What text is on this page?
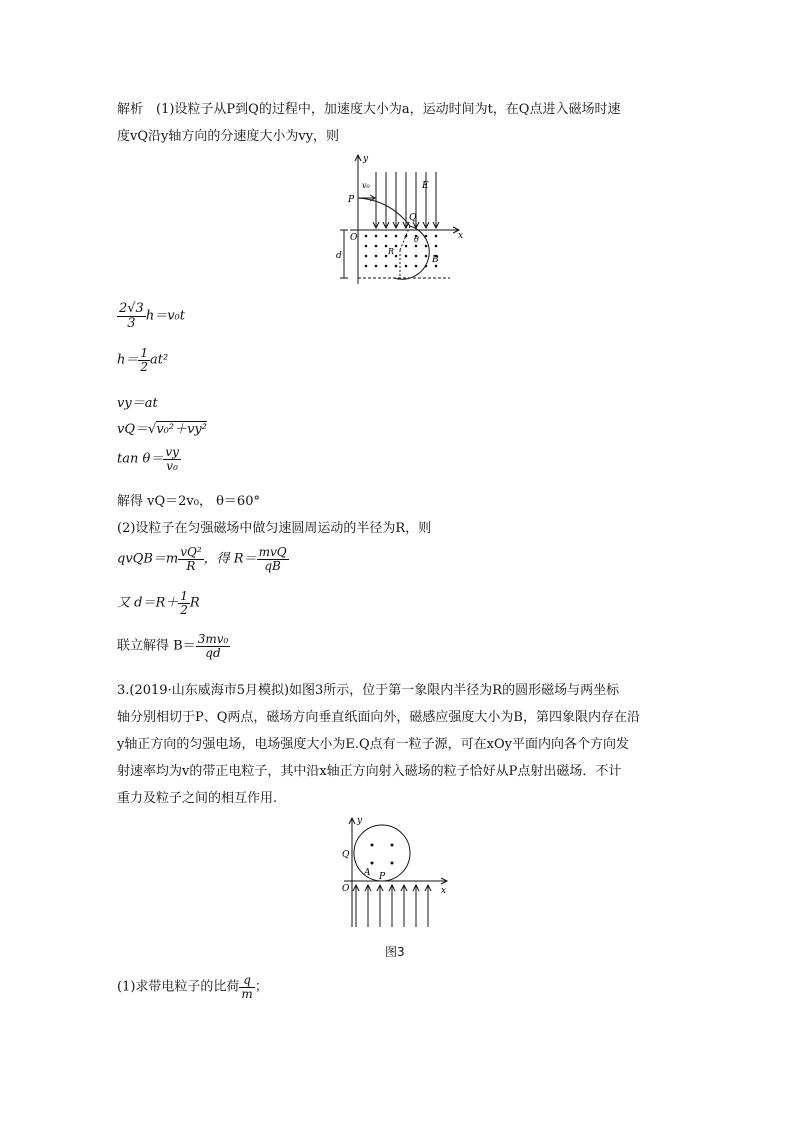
解析　(1)设粒子从P到Q的过程中，加速度大小为a，运动时间为t，在Q点进入磁场时速
度vQ沿y轴方向的分速度大小为vy，则
y
x
O
P
Q
v₀	E
d	R
B
θ
$\frac{2√3}{3} h=v_0t$
$h= \frac{1}{2} at^2$
vy＝at
vQ＝√v₀²＋vy²
$\tan \theta= \frac{vy}{\text{v₀}}$
解得 vQ＝2v₀， θ＝60°
(2)设粒子在匀强磁场中做匀速圆周运动的半径为R，则
qvQB＝m $\frac{\text{vQ²}}{R}$ ，得 $R= \frac{\text{mvQ}}{qB}$
又 $d=R+ \frac{1}{2}$ R
联立解得 $B= \frac{\text{3mv₀}}{qd}$
3.(2019·山东威海市5月模拟)如图3所示，位于第一象限内半径为R的圆形磁场与两坐标
轴分别相切于P、Q两点，磁场方向垂直纸面向外，磁感应强度大小为B，第四象限内存在沿
y轴正方向的匀强电场，电场强度大小为E.Q点有一粒子源，可在xOy平面内向各个方向发
射速率均为v的带正电粒子，其中沿x轴正方向射入磁场的粒子恰好从P点射出磁场．不计
重力及粒子之间的相互作用.
y
x
O
Q
P
A
图3
(1)求带电粒子的比荷 $\frac{q}{m}$ ；
